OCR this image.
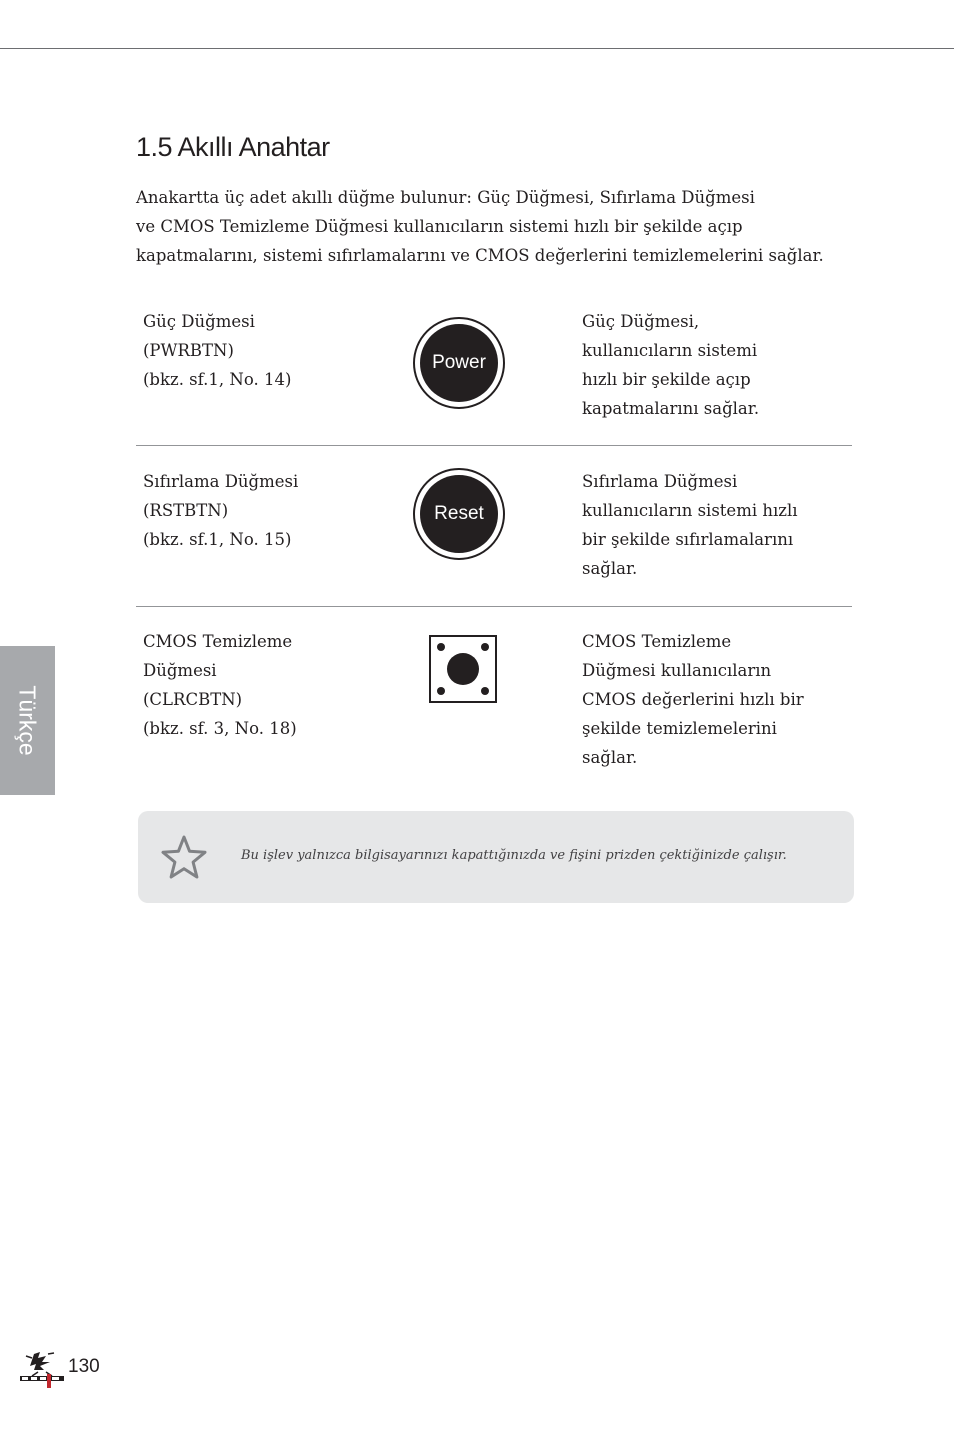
1.5 Akıllı Anahtar
Anakartta üç adet akıllı düğme bulunur: Güç Düğmesi, Sıfırlama Düğmesi
ve CMOS Temizleme Düğmesi kullanıcıların sistemi hızlı bir şekilde açıp
kapatmalarını, sistemi sıfırlamalarını ve CMOS değerlerini temizlemelerini sağlar.
Güç Düğmesi
(PWRBTN)
(bkz. sf.1, No. 14)
Power
Güç Düğmesi,
kullanıcıların sistemi
hızlı bir şekilde açıp
kapatmalarını sağlar.
Sıfırlama Düğmesi
(RSTBTN)
(bkz. sf.1, No. 15)
Reset
Sıfırlama Düğmesi
kullanıcıların sistemi hızlı
bir şekilde sıfırlamalarını
sağlar.
CMOS Temizleme
Düğmesi
(CLRCBTN)
(bkz. sf. 3, No. 18)
CMOS Temizleme
Düğmesi kullanıcıların
CMOS değerlerini hızlı bir
şekilde temizlemelerini
sağlar.
Türkçe
Bu işlev yalnızca bilgisayarınızı kapattığınızda ve fişini prizden çektiğinizde çalışır.
130
